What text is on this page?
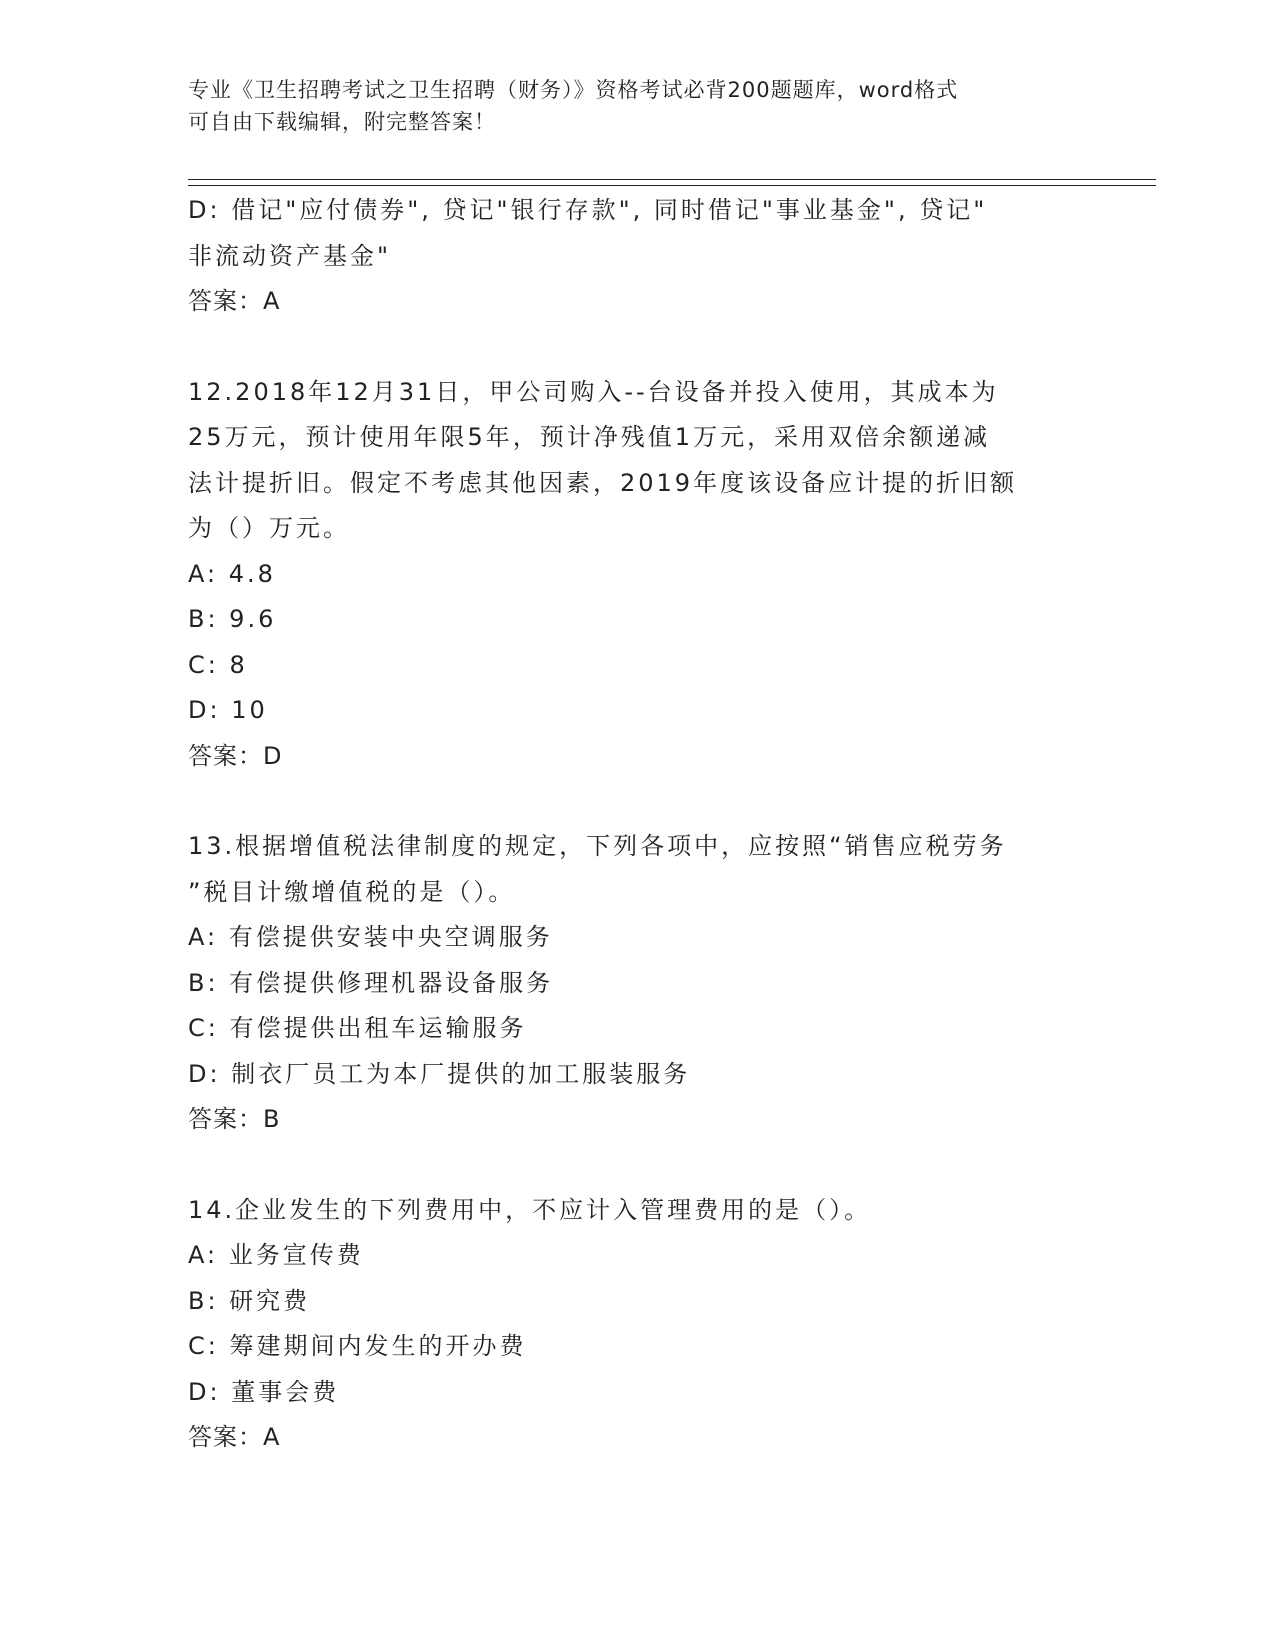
专业《卫生招聘考试之卫生招聘（财务）》资格考试必背200题题库，word格式
可自由下载编辑，附完整答案！
D: 借记"应付债券", 贷记"银行存款", 同时借记"事业基金", 贷记"
非流动资产基金"
答案：A
12.2018年12月31日，甲公司购入--台设备并投入使用，其成本为
25万元，预计使用年限5年，预计净残值1万元，采用双倍余额递减
法计提折旧。假定不考虑其他因素，2019年度该设备应计提的折旧额
为（）万元。
A: 4.8
B: 9.6
C: 8
D: 10
答案：D
13.根据增值税法律制度的规定，下列各项中，应按照“销售应税劳务
”税目计缴增值税的是（）。
A: 有偿提供安装中央空调服务
B: 有偿提供修理机器设备服务
C: 有偿提供出租车运输服务
D: 制衣厂员工为本厂提供的加工服装服务
答案：B
14.企业发生的下列费用中，不应计入管理费用的是（）。
A: 业务宣传费
B: 研究费
C: 筹建期间内发生的开办费
D: 董事会费
答案：A
